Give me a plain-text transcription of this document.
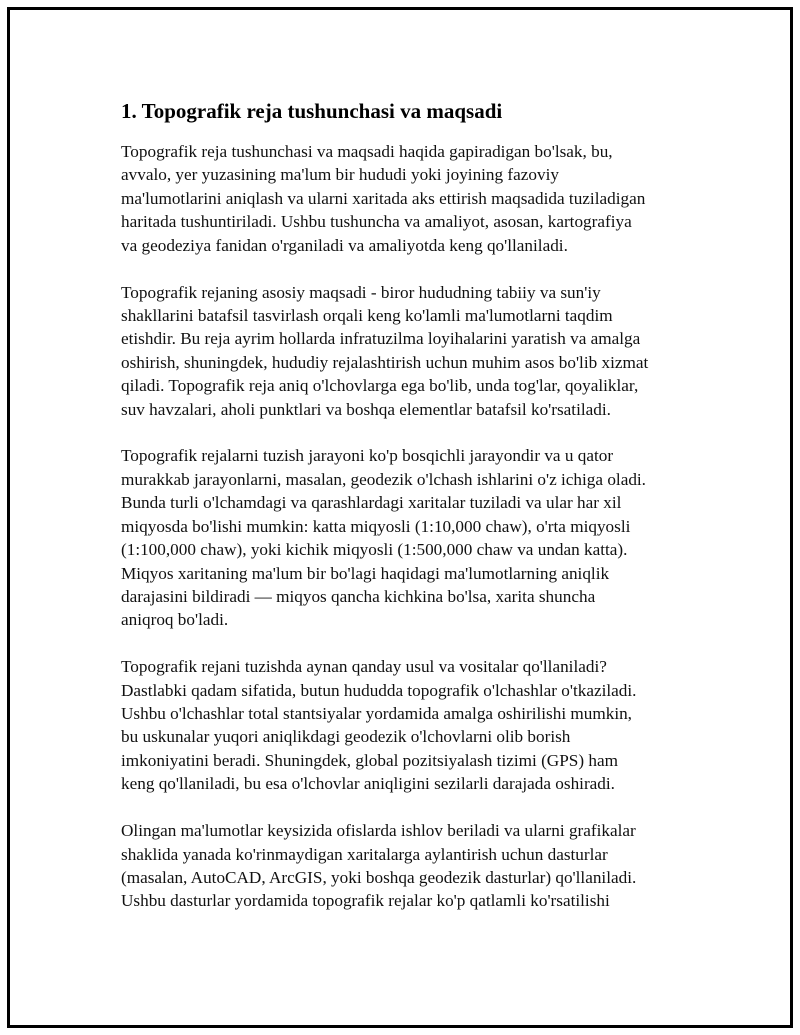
1. Topografik reja tushunchasi va maqsadi

Topografik reja tushunchasi va maqsadi haqida gapiradigan bo'lsak, bu,
avvalo, yer yuzasining ma'lum bir hududi yoki joyining fazoviy
ma'lumotlarini aniqlash va ularni xaritada aks ettirish maqsadida tuziladigan
haritada tushuntiriladi. Ushbu tushuncha va amaliyot, asosan, kartografiya
va geodeziya fanidan o'rganiladi va amaliyotda keng qo'llaniladi.

Topografik rejaning asosiy maqsadi - biror hududning tabiiy va sun'iy
shakllarini batafsil tasvirlash orqali keng ko'lamli ma'lumotlarni taqdim
etishdir. Bu reja ayrim hollarda infratuzilma loyihalarini yaratish va amalga
oshirish, shuningdek, hududiy rejalashtirish uchun muhim asos bo'lib xizmat
qiladi. Topografik reja aniq o'lchovlarga ega bo'lib, unda tog'lar, qoyaliklar,
suv havzalari, aholi punktlari va boshqa elementlar batafsil ko'rsatiladi.

Topografik rejalarni tuzish jarayoni ko'p bosqichli jarayondir va u qator
murakkab jarayonlarni, masalan, geodezik o'lchash ishlarini o'z ichiga oladi.
Bunda turli o'lchamdagi va qarashlardagi xaritalar tuziladi va ular har xil
miqyosda bo'lishi mumkin: katta miqyosli (1:10,000 chaw), o'rta miqyosli
(1:100,000 chaw), yoki kichik miqyosli (1:500,000 chaw va undan katta).
Miqyos xaritaning ma'lum bir bo'lagi haqidagi ma'lumotlarning aniqlik
darajasini bildiradi — miqyos qancha kichkina bo'lsa, xarita shuncha
aniqroq bo'ladi.

Topografik rejani tuzishda aynan qanday usul va vositalar qo'llaniladi?
Dastlabki qadam sifatida, butun hududda topografik o'lchashlar o'tkaziladi.
Ushbu o'lchashlar total stantsiyalar yordamida amalga oshirilishi mumkin,
bu uskunalar yuqori aniqlikdagi geodezik o'lchovlarni olib borish
imkoniyatini beradi. Shuningdek, global pozitsiyalash tizimi (GPS) ham
keng qo'llaniladi, bu esa o'lchovlar aniqligini sezilarli darajada oshiradi.

Olingan ma'lumotlar keysizida ofislarda ishlov beriladi va ularni grafikalar
shaklida yanada ko'rinmaydigan xaritalarga aylantirish uchun dasturlar
(masalan, AutoCAD, ArcGIS, yoki boshqa geodezik dasturlar) qo'llaniladi.
Ushbu dasturlar yordamida topografik rejalar ko'p qatlamli ko'rsatilishi
